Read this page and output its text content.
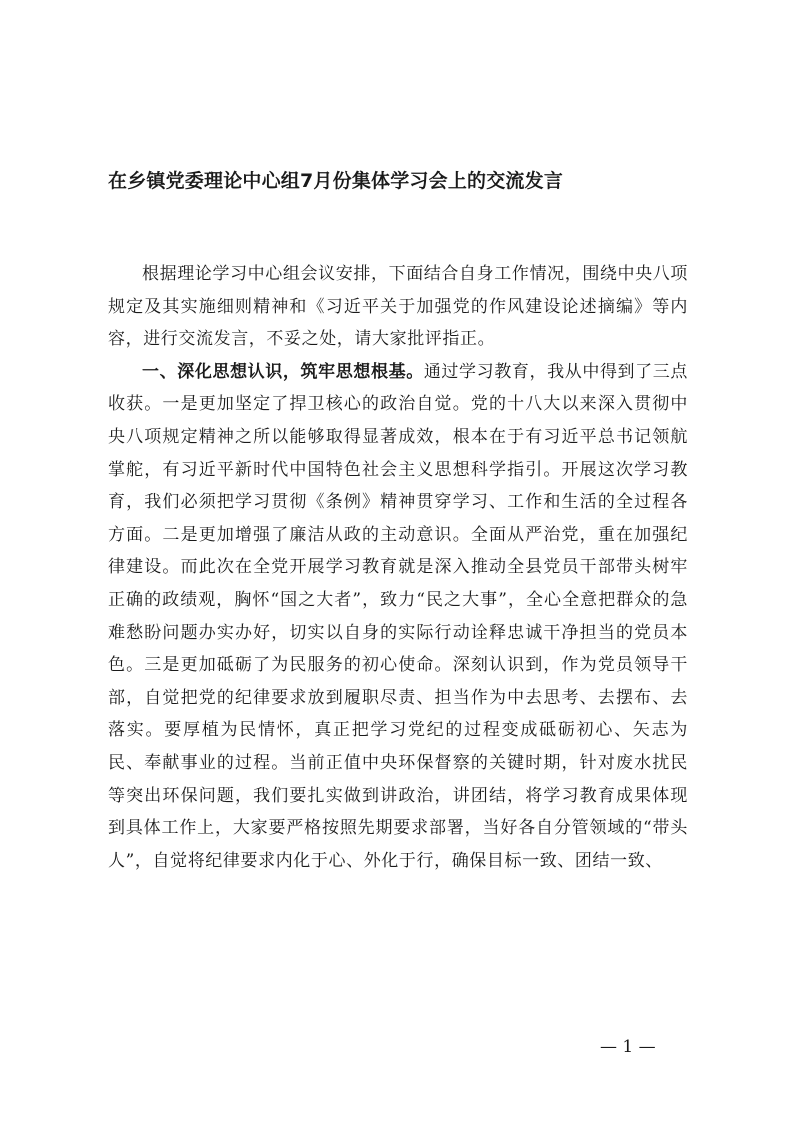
在乡镇党委理论中心组7月份集体学习会上的交流发言

根据理论学习中心组会议安排，下面结合自身工作情况，围绕中央八项规定及其实施细则精神和《习近平关于加强党的作风建设论述摘编》等内容，进行交流发言，不妥之处，请大家批评指正。

一、深化思想认识，筑牢思想根基。通过学习教育，我从中得到了三点收获。一是更加坚定了捍卫核心的政治自觉。党的十八大以来深入贯彻中央八项规定精神之所以能够取得显著成效，根本在于有习近平总书记领航掌舵，有习近平新时代中国特色社会主义思想科学指引。开展这次学习教育，我们必须把学习贯彻《条例》精神贯穿学习、工作和生活的全过程各方面。二是更加增强了廉洁从政的主动意识。全面从严治党，重在加强纪律建设。而此次在全党开展学习教育就是深入推动全县党员干部带头树牢正确的政绩观，胸怀“国之大者”，致力“民之大事”，全心全意把群众的急难愁盼问题办实办好，切实以自身的实际行动诠释忠诚干净担当的党员本色。三是更加砥砺了为民服务的初心使命。深刻认识到，作为党员领导干部，自觉把党的纪律要求放到履职尽责、担当作为中去思考、去摆布、去落实。要厚植为民情怀，真正把学习党纪的过程变成砥砺初心、矢志为民、奉献事业的过程。当前正值中央环保督察的关键时期，针对废水扰民等突出环保问题，我们要扎实做到讲政治，讲团结，将学习教育成果体现到具体工作上，大家要严格按照先期要求部署，当好各自分管领域的“带头人”，自觉将纪律要求内化于心、外化于行，确保目标一致、团结一致、

— 1 —
